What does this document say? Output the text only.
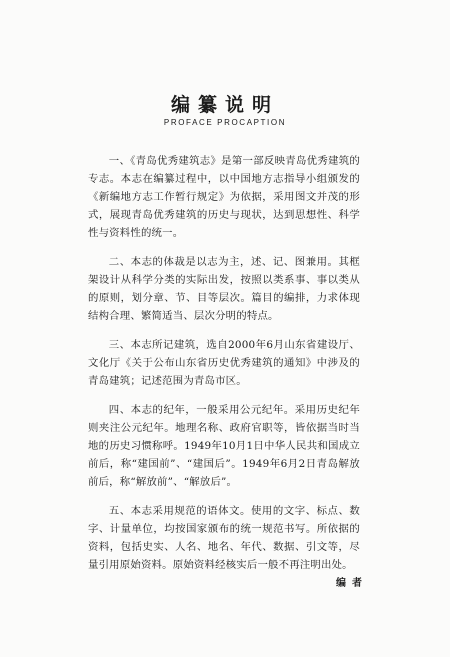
编纂说明
PROFACE PROCAPTION

一、《青岛优秀建筑志》是第一部反映青岛优秀建筑的专志。本志在编纂过程中，以中国地方志指导小组颁发的《新编地方志工作暂行规定》为依据，采用图文并茂的形式，展现青岛优秀建筑的历史与现状，达到思想性、科学性与资料性的统一。

二、本志的体裁是以志为主，述、记、图兼用。其框架设计从科学分类的实际出发，按照以类系事、事以类从的原则，划分章、节、目等层次。篇目的编排，力求体现结构合理、繁简适当、层次分明的特点。

三、本志所记建筑，选自2000年6月山东省建设厅、文化厅《关于公布山东省历史优秀建筑的通知》中涉及的青岛建筑；记述范围为青岛市区。

四、本志的纪年，一般采用公元纪年。采用历史纪年则夹注公元纪年。地理名称、政府官职等，皆依据当时当地的历史习惯称呼。1949年10月1日中华人民共和国成立前后，称“建国前”、“建国后”。1949年6月2日青岛解放前后，称“解放前”、“解放后”。

五、本志采用规范的语体文。使用的文字、标点、数字、计量单位，均按国家颁布的统一规范书写。所依据的资料，包括史实、人名、地名、年代、数据、引文等，尽量引用原始资料。原始资料经核实后一般不再注明出处。

编者
